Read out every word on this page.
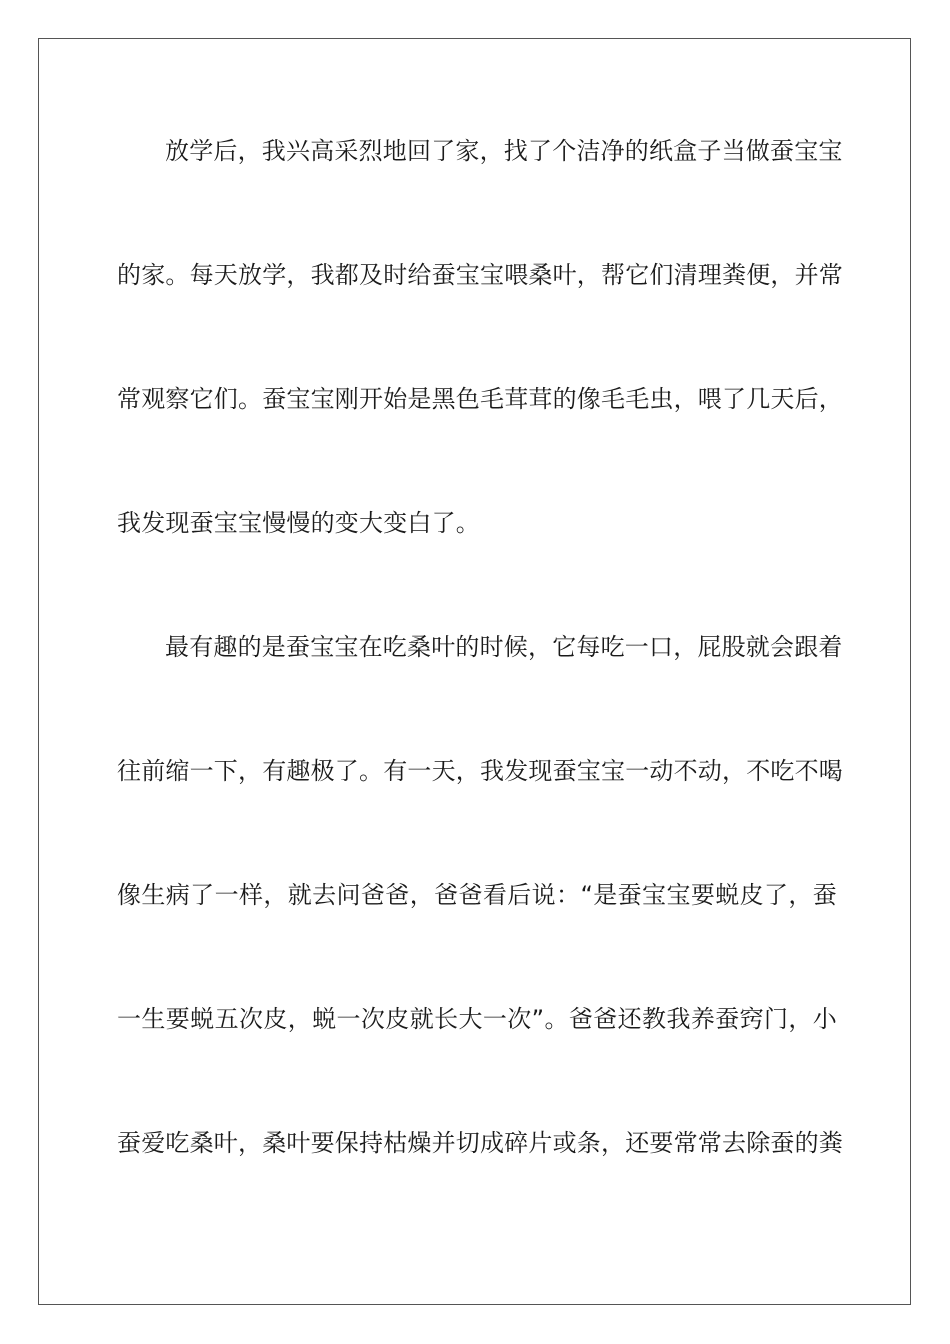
放学后，我兴高采烈地回了家，找了个洁净的纸盒子当做蚕宝宝
的家。每天放学，我都及时给蚕宝宝喂桑叶，帮它们清理粪便，并常
常观察它们。蚕宝宝刚开始是黑色毛茸茸的像毛毛虫，喂了几天后，
我发现蚕宝宝慢慢的变大变白了。
最有趣的是蚕宝宝在吃桑叶的时候，它每吃一口，屁股就会跟着
往前缩一下，有趣极了。有一天，我发现蚕宝宝一动不动，不吃不喝
像生病了一样，就去问爸爸，爸爸看后说：“是蚕宝宝要蜕皮了，蚕
一生要蜕五次皮，蜕一次皮就长大一次”。爸爸还教我养蚕窍门，小
蚕爱吃桑叶，桑叶要保持枯燥并切成碎片或条，还要常常去除蚕的粪
